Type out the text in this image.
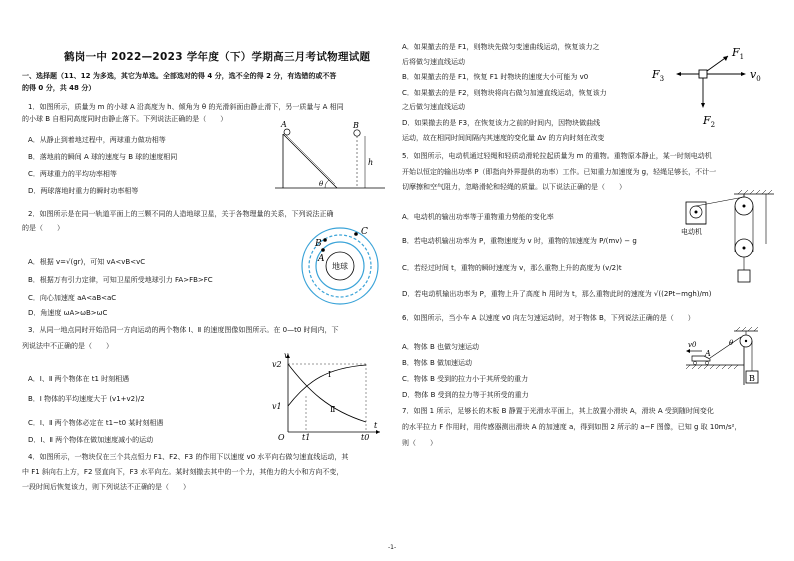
鹤岗一中 2022—2023 学年度（下）学期高三月考试物理试题
一、选择题（11、12 为多选，其它为单选。全部选对的得 4 分，选不全的得 2 分，有选错的或不答
的得 0 分，共 48 分）
1．如图所示，质量为 m 的小球 A 沿高度为 h、倾角为 θ 的光滑斜面由静止滑下，另一质量与 A 相同
的小球 B 自相同高度同时由静止落下。下列说法正确的是（　　）
A．从静止到着地过程中，两球重力做功相等
B．落地前的瞬间 A 球的速度与 B 球的速度相同
C．两球重力的平均功率相等
D．两球落地时重力的瞬时功率相等
2．如图所示是在同一轨道平面上的三颗不同的人造地球卫星，关于各物理量的关系，下列说法正确
的是（　　）
A．根据 v=√(gr)，可知 vA<vB<vC
B．根据万有引力定律，可知卫星所受地球引力 FA>FB>FC
C．向心加速度 aA<aB<aC
D．角速度 ωA>ωB>ωC
3．从同一地点同时开始沿同一方向运动的两个物体 Ⅰ、Ⅱ 的速度图像如图所示。在 0—t0 时间内，下
列说法中不正确的是（　　）
A．Ⅰ、Ⅱ 两个物体在 t1 时刻相遇
B．Ⅰ 物体的平均速度大于 (v1+v2)/2
C．Ⅰ、Ⅱ 两个物体必定在 t1~t0 某时刻相遇
D．Ⅰ、Ⅱ 两个物体在做加速度减小的运动
4．如图所示，一物块仅在三个共点恒力 F1、F2、F3 的作用下以速度 v0 水平向右做匀速直线运动，其
中 F1 斜向右上方，F2 竖直向下，F3 水平向左。某时刻撤去其中的一个力，其他力的大小和方向不变，
一段时间后恢复该力，则下列说法不正确的是（　　）
A	B
h
θ
地球
A
B
C
v
v2
v1
O t1	t0
t
Ⅰ
Ⅱ
A．如果撤去的是 F1，则物块先做匀变速曲线运动，恢复该力之
后将做匀速直线运动
B．如果撤去的是 F1，恢复 F1 时物块的速度大小可能为 v0
C．如果撤去的是 F2，则物块将向右做匀加速直线运动，恢复该力
之后做匀速直线运动
D．如果撤去的是 F3，在恢复该力之前的时间内，因物块做曲线
运动，故在相同时间间隔内其速度的变化量 Δv 的方向时刻在改变
5．如图所示，电动机通过轻绳和轻质动滑轮拉起质量为 m 的重物。重物原本静止，某一时刻电动机
开始以恒定的输出功率 P（即指向外界提供的功率）工作。已知重力加速度为 g，轻绳足够长，不计一
切摩擦和空气阻力，忽略滑轮和轻绳的质量。以下说法正确的是（　　）
A．电动机的输出功率等于重物重力势能的变化率
B．若电动机输出功率为 P，重物速度为 v 时，重物的加速度为 P/(mv) − g
C．若经过时间 t，重物的瞬时速度为 v，那么重物上升的高度为 (v/2)t
D．若电动机输出功率为 P，重物上升了高度 h 用时为 t，那么重物此时的速度为 √((2Pt−mgh)/m)
6．如图所示，当小车 A 以速度 v0 向左匀速运动时，对于物体 B，下列说法正确的是（　　）
A．物体 B 也做匀速运动
B．物体 B 做加速运动
C．物体 B 受到的拉力小于其所受的重力
D．物体 B 受到的拉力等于其所受的重力
7．如图 1 所示，足够长的木板 B 静置于光滑水平面上，其上放置小滑块 A，滑块 A 受到随时间变化
的水平拉力 F 作用时，用传感器测出滑块 A 的加速度 a，得到如图 2 所示的 a−F 图像，已知 g 取 10m/s²，
则（　　）
$F_1$
$F_2$
$F_3$	$v_0$
电动机
v0
A
θ
B
-1-
